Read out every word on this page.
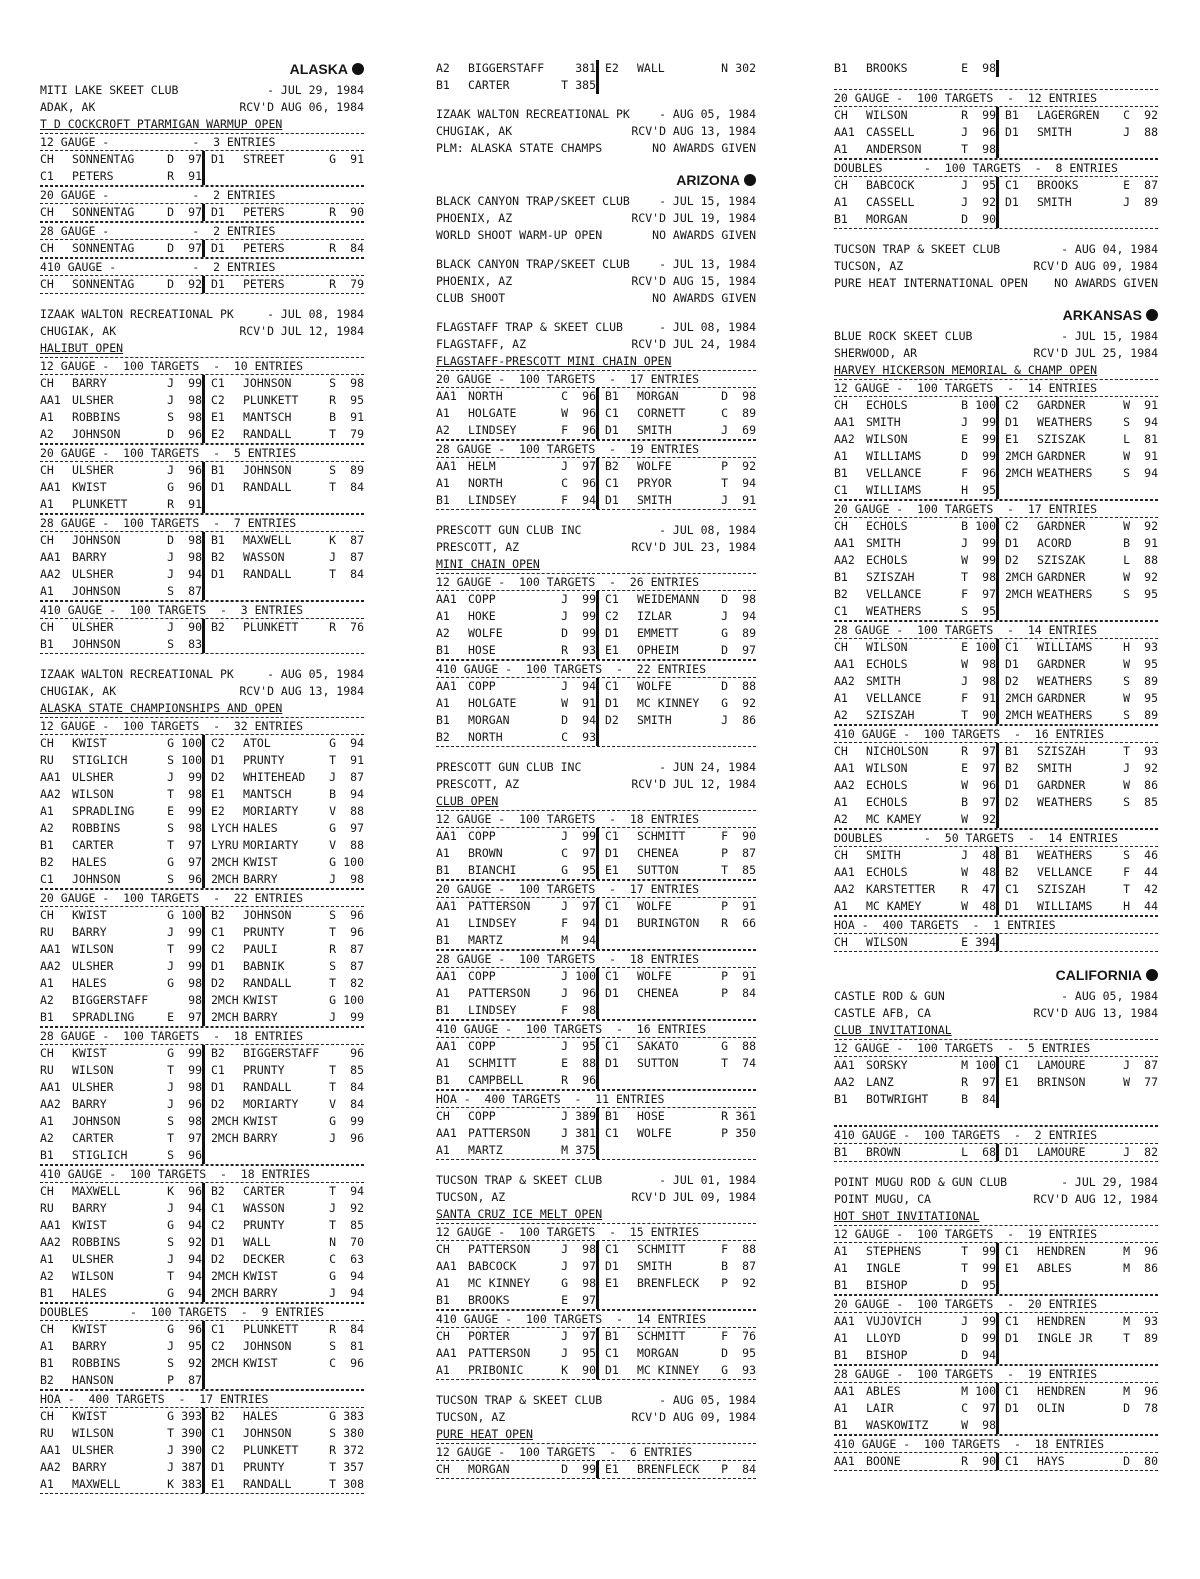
ALASKA
MITI LAKE SKEET CLUB	- JUL 29, 1984
ADAK, AK	RCV'D AUG 06, 1984
T D COCKCROFT PTARMIGAN WARMUP OPEN
12 GAUGE -            -  3 ENTRIES
CH	SONNENTAG	D	97 D1	STREET	G	91
C1	PETERS	R	91
20 GAUGE -            -  2 ENTRIES
CH	SONNENTAG	D	97 D1	PETERS	R	90
28 GAUGE -            -  2 ENTRIES
CH	SONNENTAG	D	97 D1	PETERS	R	84
410 GAUGE -           -  2 ENTRIES
CH	SONNENTAG	D	92 D1	PETERS	R	79
IZAAK WALTON RECREATIONAL PK	- JUL 08, 1984
CHUGIAK, AK	RCV'D JUL 12, 1984
HALIBUT OPEN
12 GAUGE -  100 TARGETS  -  10 ENTRIES
CH	BARRY	J	99 C1	JOHNSON	S	98
AA1 ULSHER	J	98 C2	PLUNKETT	R	95
A1	ROBBINS	S	98 E1	MANTSCH	B	91
A2	JOHNSON	D	96 E2	RANDALL	T	79
20 GAUGE -  100 TARGETS  -  5 ENTRIES
CH	ULSHER	J	96 B1	JOHNSON	S	89
AA1 KWIST	G	96 D1	RANDALL	T	84
A1	PLUNKETT	R	91
28 GAUGE -  100 TARGETS  -  7 ENTRIES
CH	JOHNSON	D	98 B1	MAXWELL	K	87
AA1 BARRY	J	98 B2	WASSON	J	87
AA2 ULSHER	J	94 D1	RANDALL	T	84
A1	JOHNSON	S	87
410 GAUGE -  100 TARGETS  -  3 ENTRIES
CH	ULSHER	J	90 B2	PLUNKETT	R	76
B1	JOHNSON	S	83
IZAAK WALTON RECREATIONAL PK	- AUG 05, 1984
CHUGIAK, AK	RCV'D AUG 13, 1984
ALASKA STATE CHAMPIONSHIPS AND OPEN
12 GAUGE -  100 TARGETS  -  32 ENTRIES
CH	KWIST	G 100 C2	ATOL	G	94
RU	STIGLICH	S 100 D1	PRUNTY	T	91
AA1 ULSHER	J	99 D2	WHITEHEAD	J	87
AA2 WILSON	T	98 E1	MANTSCH	B	94
A1	SPRADLING	E	99 E2	MORIARTY	V	88
A2	ROBBINS	S	98 LYCH HALES	G	97
B1	CARTER	T	97 LYRU MORIARTY	V	88
B2	HALES	G	97 2MCH KWIST	G 100
C1	JOHNSON	S	96 2MCH BARRY	J	98
20 GAUGE -  100 TARGETS  -  22 ENTRIES
CH	KWIST	G 100 B2	JOHNSON	S	96
RU	BARRY	J	99 C1	PRUNTY	T	96
AA1 WILSON	T	99 C2	PAULI	R	87
AA2 ULSHER	J	99 D1	BABNIK	S	87
A1	HALES	G	98 D2	RANDALL	T	82
A2	BIGGERSTAFF	98 2MCH KWIST	G 100
B1	SPRADLING	E	97 2MCH BARRY	J	99
28 GAUGE -  100 TARGETS  -  18 ENTRIES
CH	KWIST	G	99 B2	BIGGERSTAFF	96
RU	WILSON	T	99 C1	PRUNTY	T	85
AA1 ULSHER	J	98 D1	RANDALL	T	84
AA2 BARRY	J	96 D2	MORIARTY	V	84
A1	JOHNSON	S	98 2MCH KWIST	G	99
A2	CARTER	T	97 2MCH BARRY	J	96
B1	STIGLICH	S	96
410 GAUGE -  100 TARGETS  -  18 ENTRIES
CH	MAXWELL	K	96 B2	CARTER	T	94
RU	BARRY	J	94 C1	WASSON	J	92
AA1 KWIST	G	94 C2	PRUNTY	T	85
AA2 ROBBINS	S	92 D1	WALL	N	70
A1	ULSHER	J	94 D2	DECKER	C	63
A2	WILSON	T	94 2MCH KWIST	G	94
B1	HALES	G	94 2MCH BARRY	J	94
DOUBLES      -  100 TARGETS  -  9 ENTRIES
CH	KWIST	G	96 C1	PLUNKETT	R	84
A1	BARRY	J	95 C2	JOHNSON	S	81
B1	ROBBINS	S	92 2MCH KWIST	C	96
B2	HANSON	P	87
HOA -  400 TARGETS  -  17 ENTRIES
CH	KWIST	G 393 B2	HALES	G 383
RU	WILSON	T 390 C1	JOHNSON	S 380
AA1 ULSHER	J 390 C2	PLUNKETT	R 372
AA2 BARRY	J 387 D1	PRUNTY	T 357
A1	MAXWELL	K 383 E1	RANDALL	T 308
A2	BIGGERSTAFF	381 E2	WALL	N 302
B1	CARTER	T 385
IZAAK WALTON RECREATIONAL PK	- AUG 05, 1984
CHUGIAK, AK	RCV'D AUG 13, 1984
PLM: ALASKA STATE CHAMPS	NO AWARDS GIVEN
ARIZONA
BLACK CANYON TRAP/SKEET CLUB	- JUL 15, 1984
PHOENIX, AZ	RCV'D JUL 19, 1984
WORLD SHOOT WARM-UP OPEN	NO AWARDS GIVEN
BLACK CANYON TRAP/SKEET CLUB	- JUL 13, 1984
PHOENIX, AZ	RCV'D AUG 15, 1984
CLUB SHOOT	NO AWARDS GIVEN
FLAGSTAFF TRAP & SKEET CLUB	- JUL 08, 1984
FLAGSTAFF, AZ	RCV'D JUL 24, 1984
FLAGSTAFF-PRESCOTT MINI CHAIN OPEN
20 GAUGE -  100 TARGETS  -  17 ENTRIES
AA1 NORTH	C	96 B1	MORGAN	D	98
A1	HOLGATE	W	96 C1	CORNETT	C	89
A2	LINDSEY	F	96 D1	SMITH	J	69
28 GAUGE -  100 TARGETS  -  19 ENTRIES
AA1 HELM	J	97 B2	WOLFE	P	92
A1	NORTH	C	96 C1	PRYOR	T	94
B1	LINDSEY	F	94 D1	SMITH	J	91
PRESCOTT GUN CLUB INC	- JUL 08, 1984
PRESCOTT, AZ	RCV'D JUL 23, 1984
MINI CHAIN OPEN
12 GAUGE -  100 TARGETS  -  26 ENTRIES
AA1 COPP	J	99 C1	WEIDEMANN	D	98
A1	HOKE	J	99 C2	IZLAR	J	94
A2	WOLFE	D	99 D1	EMMETT	G	89
B1	HOSE	R	93 E1	OPHEIM	D	97
410 GAUGE -  100 TARGETS  -  22 ENTRIES
AA1 COPP	J	94 C1	WOLFE	D	88
A1	HOLGATE	W	91 D1	MC KINNEY	G	92
B1	MORGAN	D	94 D2	SMITH	J	86
B2	NORTH	C	93
PRESCOTT GUN CLUB INC	- JUN 24, 1984
PRESCOTT, AZ	RCV'D JUL 12, 1984
CLUB OPEN
12 GAUGE -  100 TARGETS  -  18 ENTRIES
AA1 COPP	J	99 C1	SCHMITT	F	90
A1	BROWN	C	97 D1	CHENEA	P	87
B1	BIANCHI	G	95 E1	SUTTON	T	85
20 GAUGE -  100 TARGETS  -  17 ENTRIES
AA1 PATTERSON	J	97 C1	WOLFE	P	91
A1	LINDSEY	F	94 D1	BURINGTON	R	66
B1	MARTZ	M	94
28 GAUGE -  100 TARGETS  -  18 ENTRIES
AA1 COPP	J 100 C1	WOLFE	P	91
A1	PATTERSON	J	96 D1	CHENEA	P	84
B1	LINDSEY	F	98
410 GAUGE -  100 TARGETS  -  16 ENTRIES
AA1 COPP	J	95 C1	SAKATO	G	88
A1	SCHMITT	E	88 D1	SUTTON	T	74
B1	CAMPBELL	R	96
HOA -  400 TARGETS  -  11 ENTRIES
CH	COPP	J 389 B1	HOSE	R 361
AA1 PATTERSON	J 381 C1	WOLFE	P 350
A1	MARTZ	M 375
TUCSON TRAP & SKEET CLUB	- JUL 01, 1984
TUCSON, AZ	RCV'D JUL 09, 1984
SANTA CRUZ ICE MELT OPEN
12 GAUGE -  100 TARGETS  -  15 ENTRIES
CH	PATTERSON	J	98 C1	SCHMITT	F	88
AA1 BABCOCK	J	97 D1	SMITH	B	87
A1	MC KINNEY	G	98 E1	BRENFLECK	P	92
B1	BROOKS	E	97
410 GAUGE -  100 TARGETS  -  14 ENTRIES
CH	PORTER	J	97 B1	SCHMITT	F	76
AA1 PATTERSON	J	95 C1	MORGAN	D	95
A1	PRIBONIC	K	90 D1	MC KINNEY	G	93
TUCSON TRAP & SKEET CLUB	- AUG 05, 1984
TUCSON, AZ	RCV'D AUG 09, 1984
PURE HEAT OPEN
12 GAUGE -  100 TARGETS  -  6 ENTRIES
CH	MORGAN	D	99 E1	BRENFLECK	P	84
B1	BROOKS	E	98
20 GAUGE -  100 TARGETS  -  12 ENTRIES
CH	WILSON	R	99 B1	LAGERGREN	C	92
AA1 CASSELL	J	96 D1	SMITH	J	88
A1	ANDERSON	T	98
DOUBLES      -  100 TARGETS  -  8 ENTRIES
CH	BABCOCK	J	95 C1	BROOKS	E	87
A1	CASSELL	J	92 D1	SMITH	J	89
B1	MORGAN	D	90
TUCSON TRAP & SKEET CLUB	- AUG 04, 1984
TUCSON, AZ	RCV'D AUG 09, 1984
PURE HEAT INTERNATIONAL OPEN NO AWARDS GIVEN
ARKANSAS
BLUE ROCK SKEET CLUB	- JUL 15, 1984
SHERWOOD, AR	RCV'D JUL 25, 1984
HARVEY HICKERSON MEMORIAL & CHAMP OPEN
12 GAUGE -  100 TARGETS  -  14 ENTRIES
CH	ECHOLS	B 100 C2	GARDNER	W	91
AA1 SMITH	J	99 D1	WEATHERS	S	94
AA2 WILSON	E	99 E1	SZISZAK	L	81
A1	WILLIAMS	D	99 2MCH GARDNER	W	91
B1	VELLANCE	F	96 2MCH WEATHERS	S	94
C1	WILLIAMS	H	95
20 GAUGE -  100 TARGETS  -  17 ENTRIES
CH	ECHOLS	B 100 C2	GARDNER	W	92
AA1 SMITH	J	99 D1	ACORD	B	91
AA2 ECHOLS	W	99 D2	SZISZAK	L	88
B1	SZISZAH	T	98 2MCH GARDNER	W	92
B2	VELLANCE	F	97 2MCH WEATHERS	S	95
C1	WEATHERS	S	95
28 GAUGE -  100 TARGETS  -  14 ENTRIES
CH	WILSON	E 100 C1	WILLIAMS	H	93
AA1 ECHOLS	W	98 D1	GARDNER	W	95
AA2 SMITH	J	98 D2	WEATHERS	S	89
A1	VELLANCE	F	91 2MCH GARDNER	W	95
A2	SZISZAH	T	90 2MCH WEATHERS	S	89
410 GAUGE -  100 TARGETS  -  16 ENTRIES
CH	NICHOLSON	R	97 B1	SZISZAH	T	93
AA1 WILSON	E	97 B2	SMITH	J	92
AA2 ECHOLS	W	96 D1	GARDNER	W	86
A1	ECHOLS	B	97 D2	WEATHERS	S	85
A2	MC KAMEY	W	92
DOUBLES      -  50 TARGETS  -  14 ENTRIES
CH	SMITH	J	48 B1	WEATHERS	S	46
AA1 ECHOLS	W	48 B2	VELLANCE	F	44
AA2 KARSTETTER	R	47 C1	SZISZAH	T	42
A1	MC KAMEY	W	48 D1	WILLIAMS	H	44
HOA -  400 TARGETS  -  1 ENTRIES
CH	WILSON	E 394
CALIFORNIA
CASTLE ROD & GUN	- AUG 05, 1984
CASTLE AFB, CA	RCV'D AUG 13, 1984
CLUB INVITATIONAL
12 GAUGE -  100 TARGETS  -  5 ENTRIES
AA1 SORSKY	M 100 C1	LAMOURE	J	87
AA2 LANZ	R	97 E1	BRINSON	W	77
B1	BOTWRIGHT	B	84
410 GAUGE -  100 TARGETS  -  2 ENTRIES
B1	BROWN	L	68 D1	LAMOURE	J	82
POINT MUGU ROD & GUN CLUB	- JUL 29, 1984
POINT MUGU, CA	RCV'D AUG 12, 1984
HOT SHOT INVITATIONAL
12 GAUGE -  100 TARGETS  -  19 ENTRIES
A1	STEPHENS	T	99 C1	HENDREN	M	96
A1	INGLE	T	99 E1	ABLES	M	86
B1	BISHOP	D	95
20 GAUGE -  100 TARGETS  -  20 ENTRIES
AA1 VUJOVICH	J	99 C1	HENDREN	M	93
A1	LLOYD	D	99 D1	INGLE JR	T	89
B1	BISHOP	D	94
28 GAUGE -  100 TARGETS  -  19 ENTRIES
AA1 ABLES	M 100 C1	HENDREN	M	96
A1	LAIR	C	97 D1	OLIN	D	78
B1	WASKOWITZ	W	98
410 GAUGE -  100 TARGETS  -  18 ENTRIES
AA1 BOONE	R	90 C1	HAYS	D	80
